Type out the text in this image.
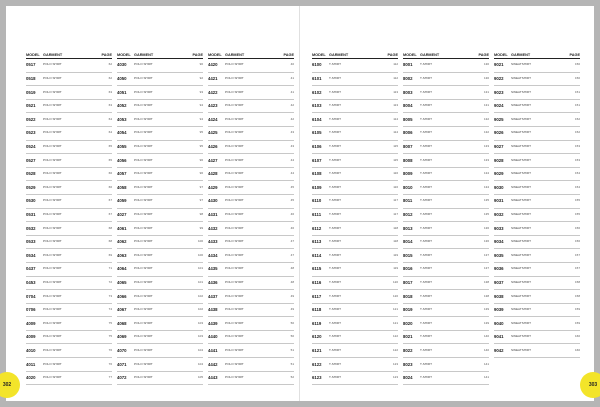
MODEL GARMENT	PAGE
0517	POLO SHIRT	62
0518	POLO SHIRT	62
0519	POLO SHIRT	63
0521	POLO SHIRT	63
0522	POLO SHIRT	64
0523	POLO SHIRT	64
0524	POLO SHIRT	65
0527	POLO SHIRT	65
0528	POLO SHIRT	66
0529	POLO SHIRT	66
0530	POLO SHIRT	67
0531	POLO SHIRT	67
0532	POLO SHIRT	68
0533	POLO SHIRT	68
0534	POLO SHIRT	69
0437	POLO SHIRT	71
0453	POLO SHIRT	72
0704	POLO SHIRT	73
0706	POLO SHIRT	74
4009	POLO SHIRT	75
4009	POLO SHIRT	75
4010	POLO SHIRT	76
4011	POLO SHIRT	76
4020	POLO SHIRT	77
MODEL GARMENT	PAGE
4030	POLO SHIRT	90
4050	POLO SHIRT	92
4051	POLO SHIRT	93
4052	POLO SHIRT	94
4053	POLO SHIRT	94
4054	POLO SHIRT	95
4055	POLO SHIRT	95
4056	POLO SHIRT	96
4057	POLO SHIRT	96
4058	POLO SHIRT	97
4059	POLO SHIRT	97
4027	POLO SHIRT	98
4061	POLO SHIRT	99
4062	POLO SHIRT	100
4063	POLO SHIRT	100
4064	POLO SHIRT	101
4065	POLO SHIRT	101
4066	POLO SHIRT	102
4067	POLO SHIRT	102
4068	POLO SHIRT	103
4069	POLO SHIRT	103
4070	POLO SHIRT	104
4071	POLO SHIRT	104
4072	POLO SHIRT	105
MODEL GARMENT	PAGE
4420	POLO SHIRT	40
4421	POLO SHIRT	41
4422	POLO SHIRT	41
4423	POLO SHIRT	42
4424	POLO SHIRT	42
4425	POLO SHIRT	43
4426	POLO SHIRT	43
4427	POLO SHIRT	44
4428	POLO SHIRT	44
4429	POLO SHIRT	45
4430	POLO SHIRT	45
4431	POLO SHIRT	46
4432	POLO SHIRT	46
4433	POLO SHIRT	47
4434	POLO SHIRT	47
4435	POLO SHIRT	48
4436	POLO SHIRT	48
4437	POLO SHIRT	49
4438	POLO SHIRT	49
4439	POLO SHIRT	50
4440	POLO SHIRT	50
4441	POLO SHIRT	51
4442	POLO SHIRT	51
4443	POLO SHIRT	52
MODEL GARMENT	PAGE
6100	T-SHIRT	112
6101	T-SHIRT	112
6102	T-SHIRT	113
6103	T-SHIRT	113
6104	T-SHIRT	114
6105	T-SHIRT	114
6106	T-SHIRT	115
6107	T-SHIRT	115
6108	T-SHIRT	116
6109	T-SHIRT	116
6110	T-SHIRT	117
6111	T-SHIRT	117
6112	T-SHIRT	118
6113	T-SHIRT	118
6114	T-SHIRT	119
6115	T-SHIRT	119
6116	T-SHIRT	120
6117	T-SHIRT	120
6118	T-SHIRT	121
6119	T-SHIRT	121
6120	T-SHIRT	122
6121	T-SHIRT	122
6122	T-SHIRT	123
6123	T-SHIRT	123
MODEL GARMENT	PAGE
8001	T-SHIRT	130
8002	T-SHIRT	130
8003	T-SHIRT	131
8004	T-SHIRT	131
8005	T-SHIRT	132
8006	T-SHIRT	132
8007	T-SHIRT	133
8008	T-SHIRT	133
8009	T-SHIRT	134
8010	T-SHIRT	134
8011	T-SHIRT	135
8012	T-SHIRT	135
8013	T-SHIRT	136
8014	T-SHIRT	136
8015	T-SHIRT	137
8016	T-SHIRT	137
8017	T-SHIRT	138
8018	T-SHIRT	138
8019	T-SHIRT	139
8020	T-SHIRT	139
8021	T-SHIRT	140
8022	T-SHIRT	140
8023	T-SHIRT	141
8024	T-SHIRT	141
MODEL GARMENT	PAGE
9021	SWEATSHIRT	150
9022	SWEATSHIRT	150
9023	SWEATSHIRT	151
9024	SWEATSHIRT	151
9025	SWEATSHIRT	152
9026	SWEATSHIRT	152
9027	SWEATSHIRT	153
9028	SWEATSHIRT	153
9029	SWEATSHIRT	154
9030	SWEATSHIRT	154
9031	SWEATSHIRT	155
9032	SWEATSHIRT	155
9033	SWEATSHIRT	156
9034	SWEATSHIRT	156
9035	SWEATSHIRT	157
9036	SWEATSHIRT	157
9037	SWEATSHIRT	158
9038	SWEATSHIRT	158
9039	SWEATSHIRT	159
9040	SWEATSHIRT	159
9041	SWEATSHIRT	160
9042	SWEATSHIRT	160
302	303
